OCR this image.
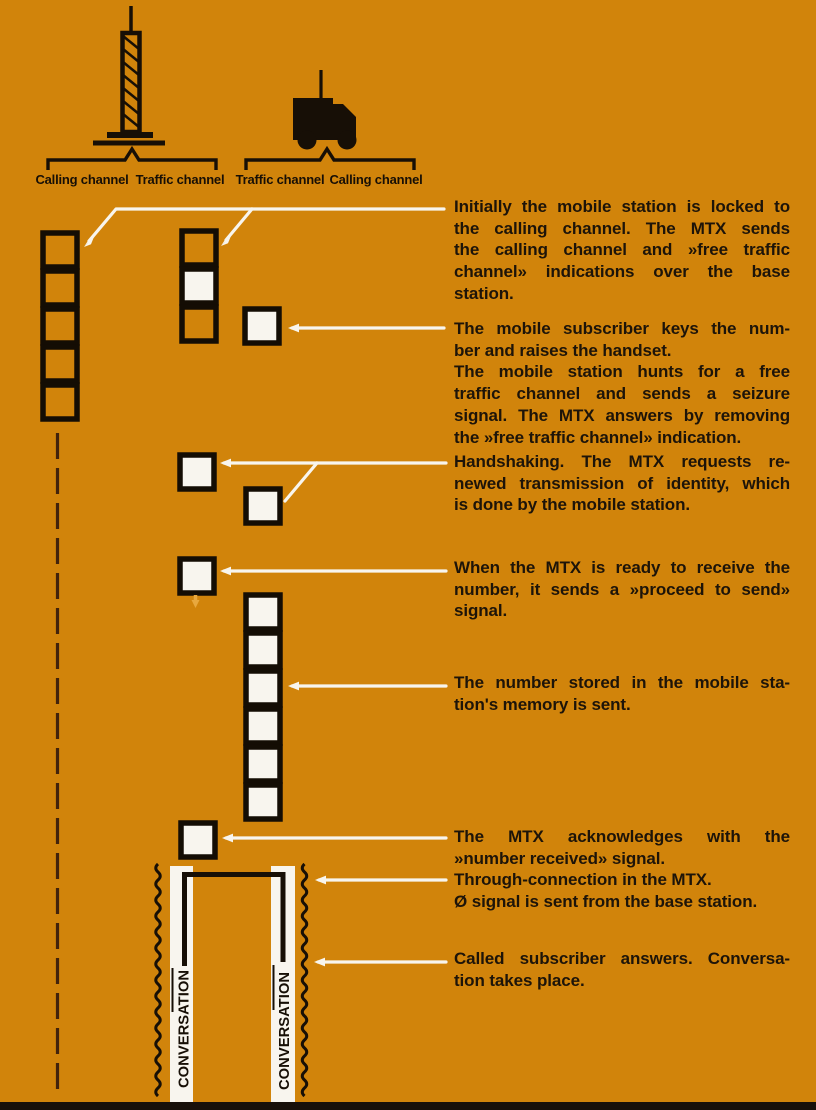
CONVERSATION	CONVERSATION
Calling channel Traffic channel Traffic channel Calling channel
Initially the mobile station is locked to
the calling channel. The MTX sends
the calling channel and »free traffic
channel» indications over the base
station.
The mobile subscriber keys the num-
ber and raises the handset.
The mobile station hunts for a free
traffic channel and sends a seizure
signal. The MTX answers by removing
the »free traffic channel» indication.
Handshaking. The MTX requests re-
newed transmission of identity, which
is done by the mobile station.
When the MTX is ready to receive the
number, it sends a »proceed to send»
signal.
The number stored in the mobile sta-
tion's memory is sent.
The MTX acknowledges with the
»number received» signal.
Through-connection in the MTX.
Ø signal is sent from the base station.
Called subscriber answers. Conversa-
tion takes place.
